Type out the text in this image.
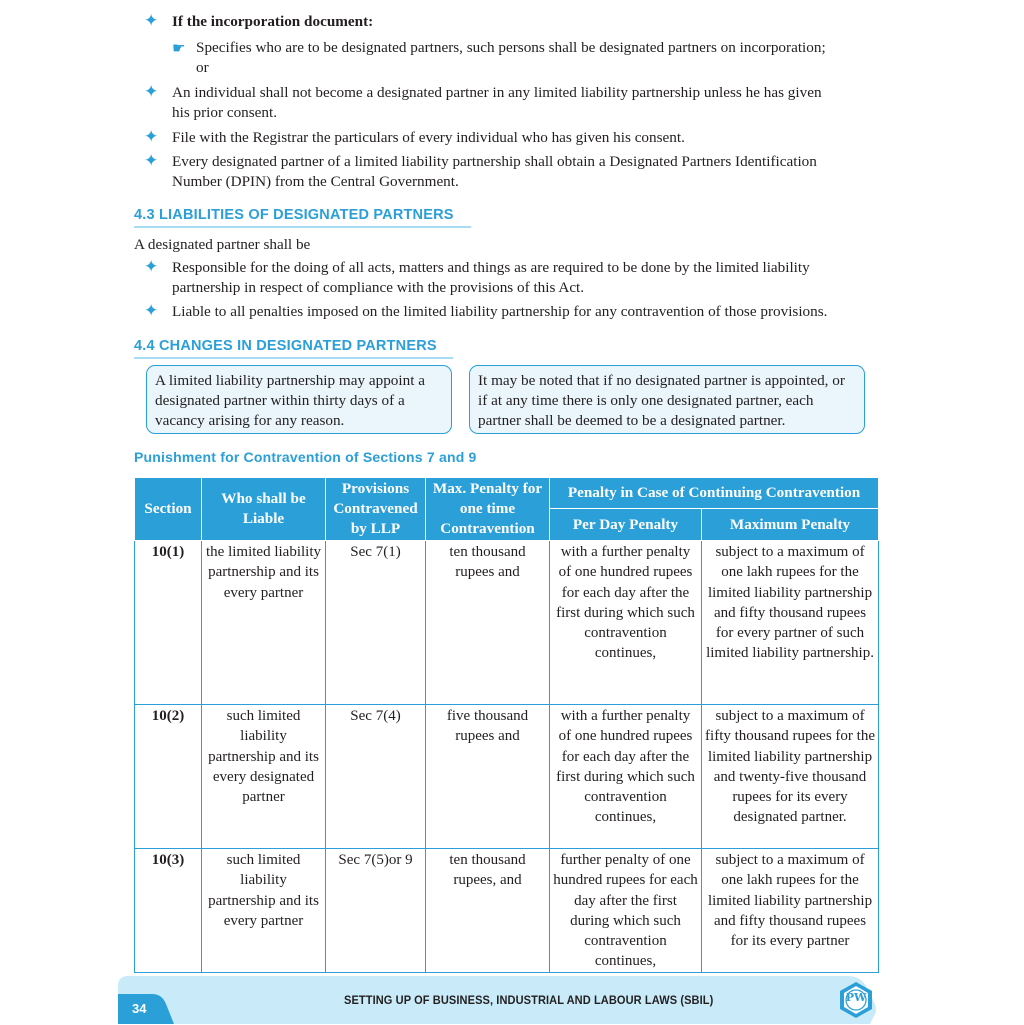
✦ If the incorporation document:
☛ Specifies who are to be designated partners, such persons shall be designated partners on incorporation;
or
✦ An individual shall not become a designated partner in any limited liability partnership unless he has given
his prior consent.
✦ File with the Registrar the particulars of every individual who has given his consent.
✦ Every designated partner of a limited liability partnership shall obtain a Designated Partners Identification
Number (DPIN) from the Central Government.
4.3 LIABILITIES OF DESIGNATED PARTNERS
A designated partner shall be
✦ Responsible for the doing of all acts, matters and things as are required to be done by the limited liability
partnership in respect of compliance with the provisions of this Act.
✦ Liable to all penalties imposed on the limited liability partnership for any contravention of those provisions.
4.4 CHANGES IN DESIGNATED PARTNERS
A limited liability partnership may appoint a designated partner within thirty days of a vacancy arising for any reason.
It may be noted that if no designated partner is appointed, or if at any time there is only one designated partner, each partner shall be deemed to be a designated partner.
Punishment for Contravention of Sections 7 and 9
Section	Who shall be Liable	Provisions Contravened by LLP	Max. Penalty for one time Contravention	Penalty in Case of Continuing Contravention	
				Per Day Penalty	Maximum Penalty
10(1)	the limited liability partnership and its every partner	Sec 7(1)	ten thousand rupees and	with a further penalty of one hundred rupees for each day after the first during which such contravention continues,	subject to a maximum of one lakh rupees for the limited liability partnership and fifty thousand rupees for every partner of such limited liability partnership.
10(2)	such limited liability partnership and its every designated partner	Sec 7(4)	five thousand rupees and	with a further penalty of one hundred rupees for each day after the first during which such contravention continues,	subject to a maximum of fifty thousand rupees for the limited liability partnership and twenty-five thousand rupees for its every designated partner.
10(3)	such limited liability partnership and its every partner	Sec 7(5)or 9	ten thousand rupees, and	further penalty of one hundred rupees for each day after the first during which such contravention continues,	subject to a maximum of one lakh rupees for the limited liability partnership and fifty thousand rupees for its every partner
34
SETTING UP OF BUSINESS, INDUSTRIAL AND LABOUR LAWS (SBIL)	PW
